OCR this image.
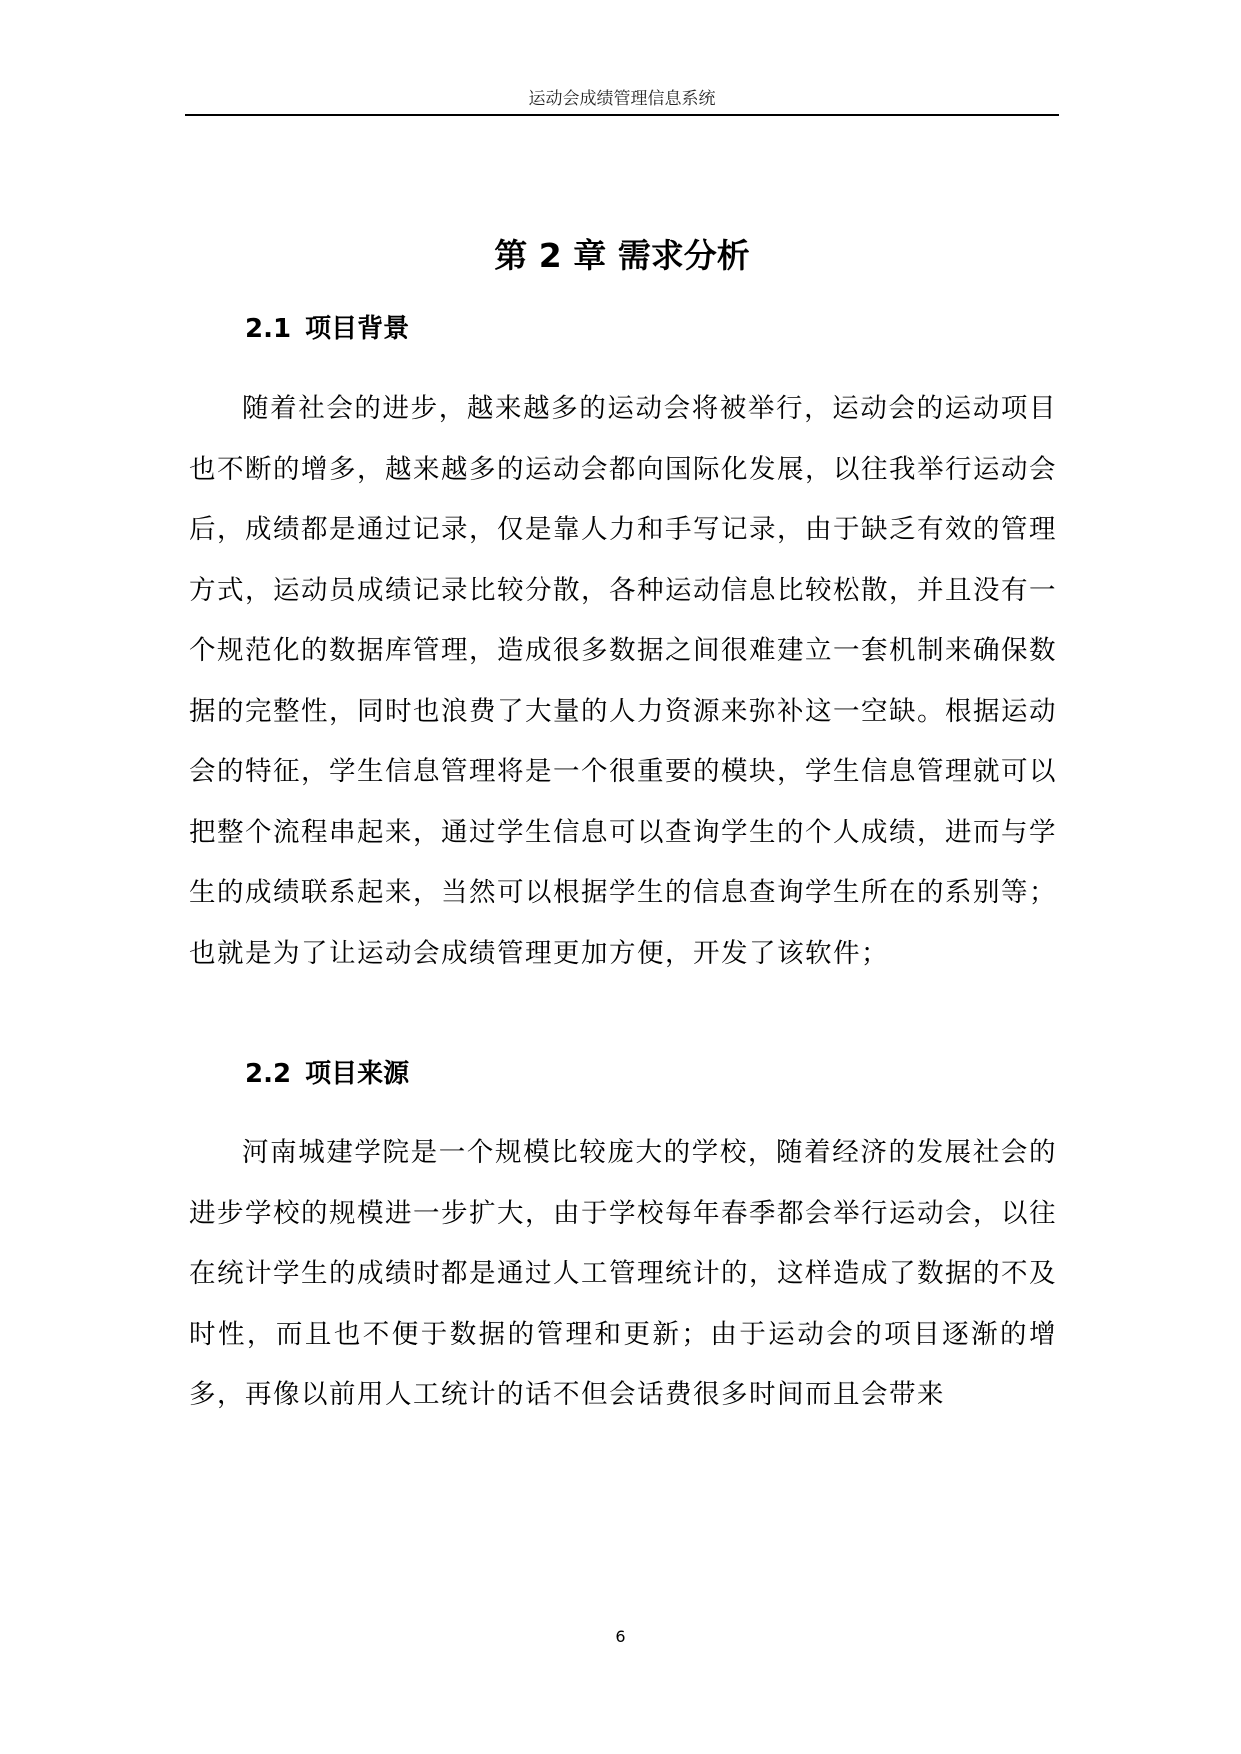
运动会成绩管理信息系统
第 2 章 需求分析
2.1 项目背景

随着社会的进步，越来越多的运动会将被举行，运动会的运动项目也不断的增多，越来越多的运动会都向国际化发展，以往我举行运动会后，成绩都是通过记录，仅是靠人力和手写记录，由于缺乏有效的管理方式，运动员成绩记录比较分散，各种运动信息比较松散，并且没有一个规范化的数据库管理，造成很多数据之间很难建立一套机制来确保数据的完整性，同时也浪费了大量的人力资源来弥补这一空缺。根据运动会的特征，学生信息管理将是一个很重要的模块，学生信息管理就可以把整个流程串起来，通过学生信息可以查询学生的个人成绩，进而与学生的成绩联系起来，当然可以根据学生的信息查询学生所在的系别等；也就是为了让运动会成绩管理更加方便，开发了该软件；

2.2 项目来源

河南城建学院是一个规模比较庞大的学校，随着经济的发展社会的进步学校的规模进一步扩大，由于学校每年春季都会举行运动会，以往在统计学生的成绩时都是通过人工管理统计的，这样造成了数据的不及时性，而且也不便于数据的管理和更新；由于运动会的项目逐渐的增多，再像以前用人工统计的话不但会话费很多时间而且会带来

6
